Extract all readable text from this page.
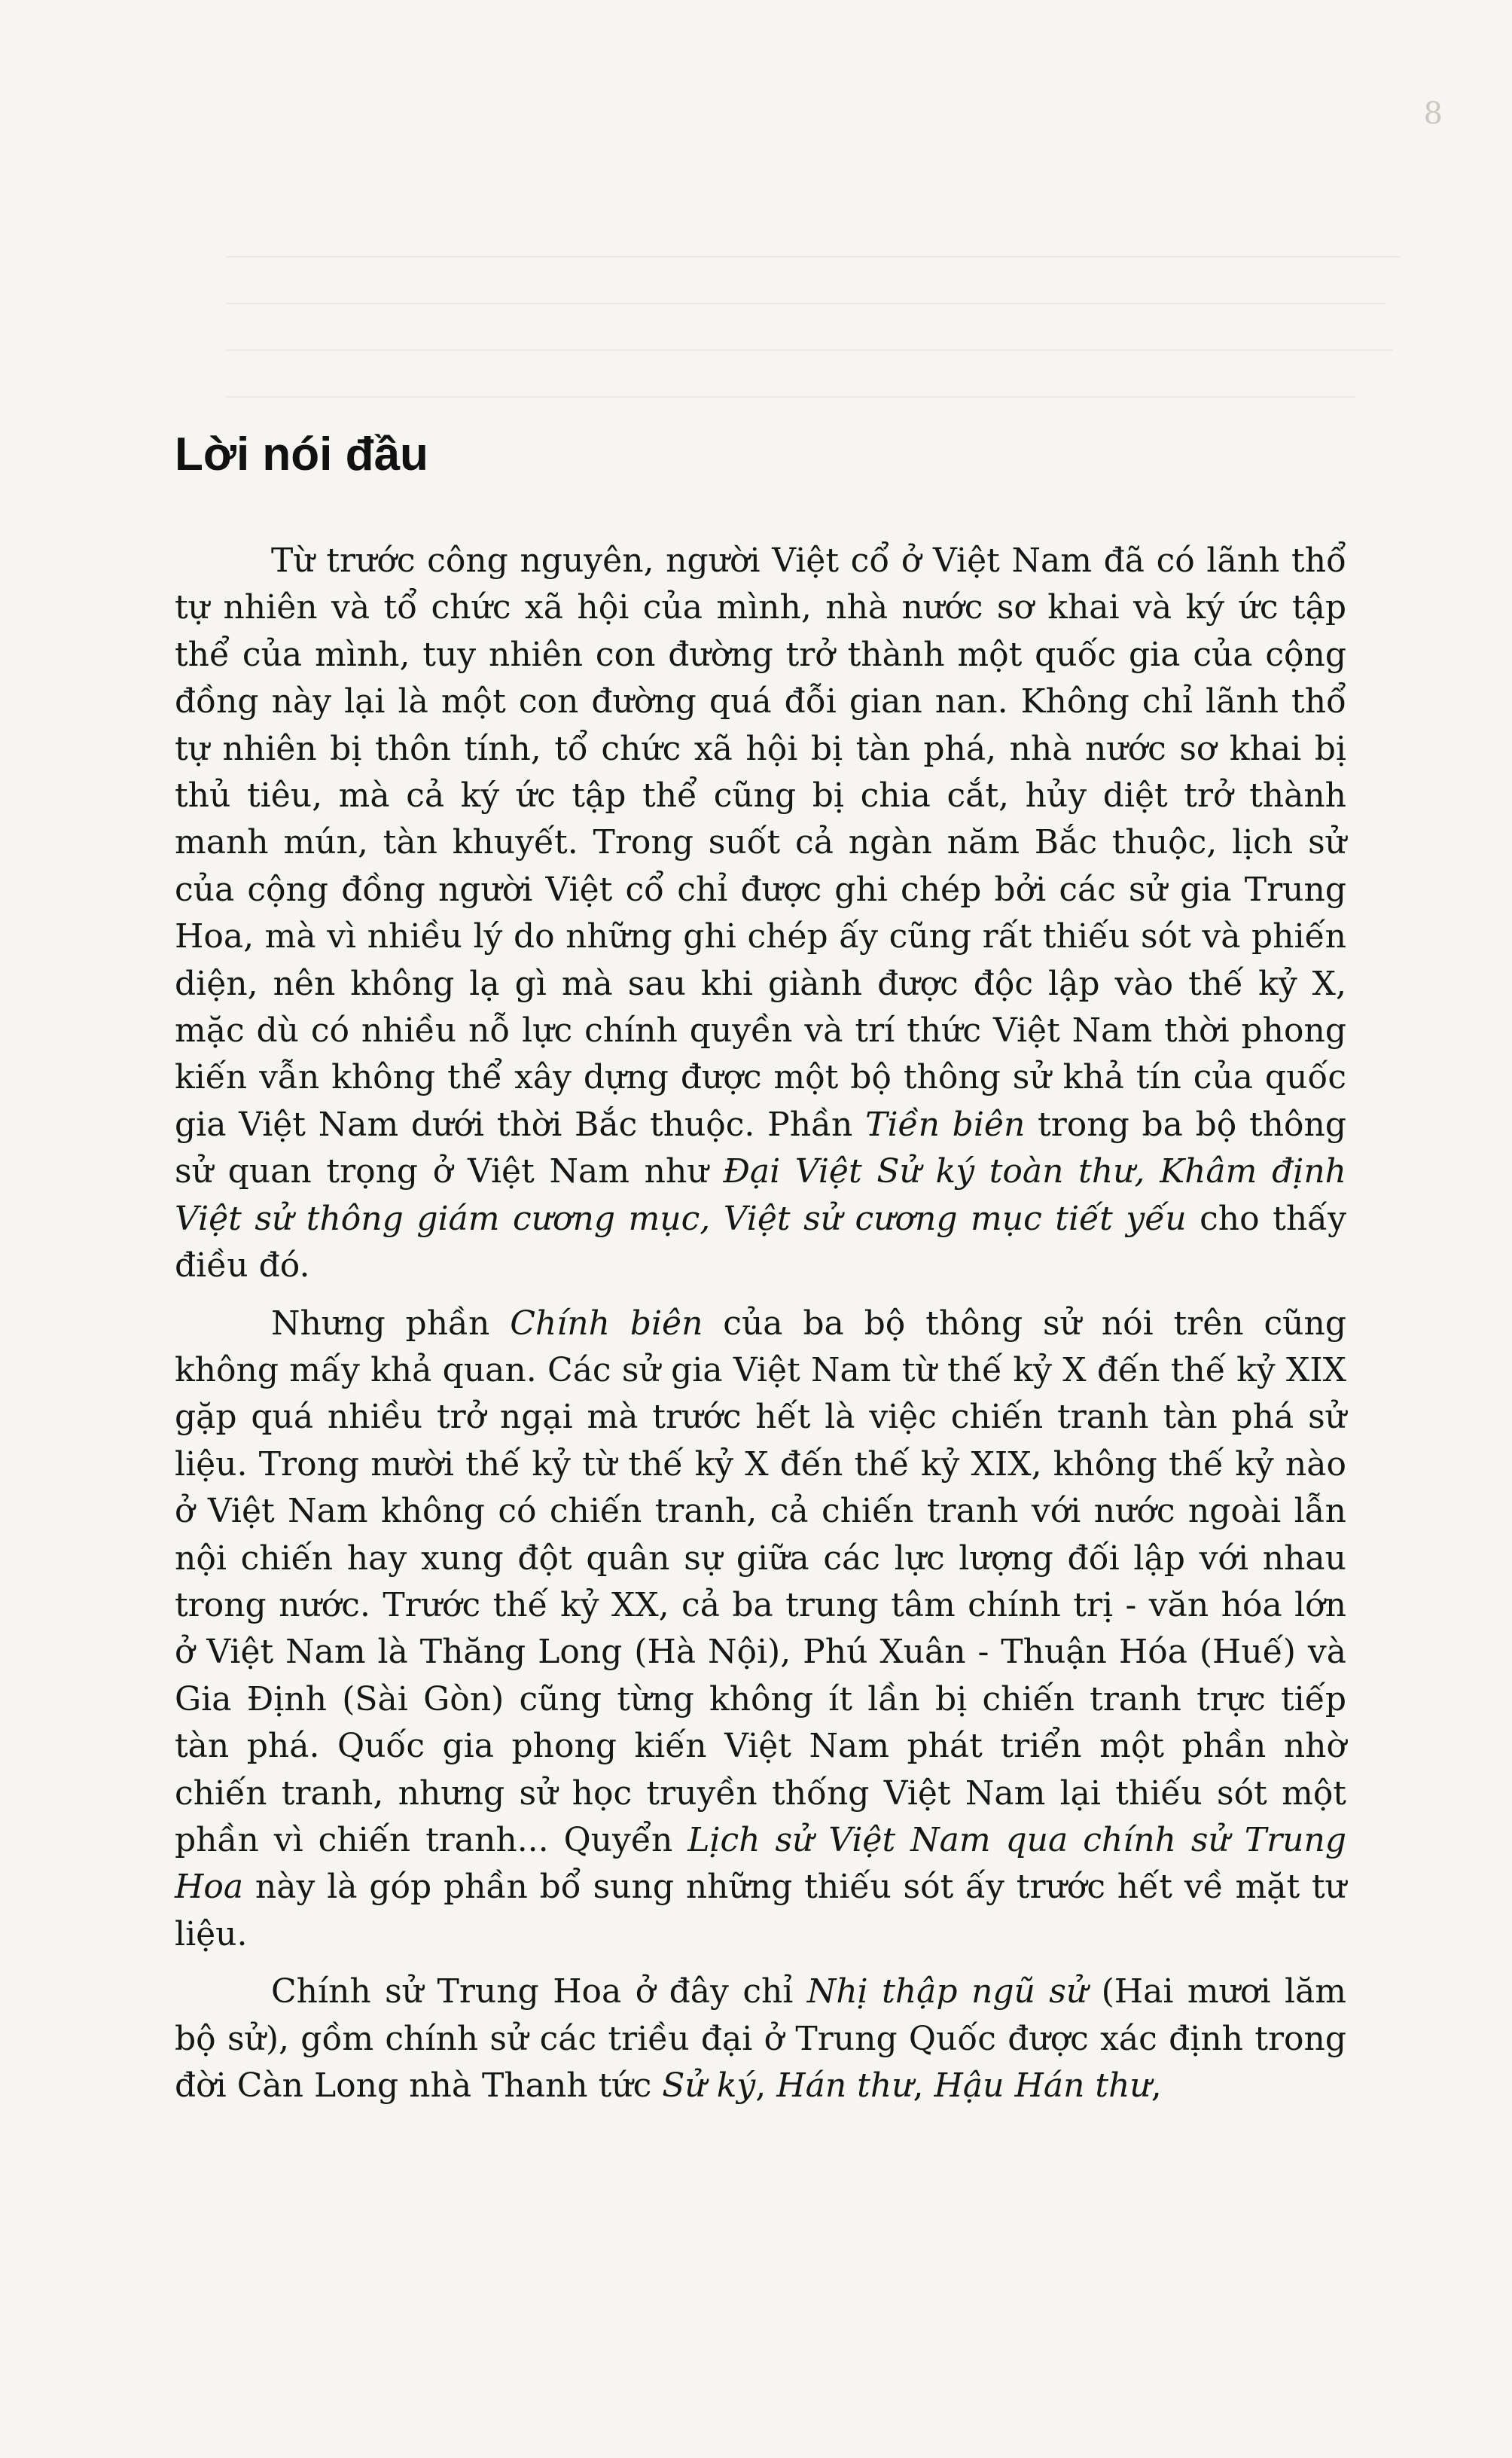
8
Lời nói đầu

Từ trước công nguyên, người Việt cổ ở Việt Nam đã có lãnh thổ tự nhiên và tổ chức xã hội của mình, nhà nước sơ khai và ký ức tập thể của mình, tuy nhiên con đường trở thành một quốc gia của cộng đồng này lại là một con đường quá đỗi gian nan. Không chỉ lãnh thổ tự nhiên bị thôn tính, tổ chức xã hội bị tàn phá, nhà nước sơ khai bị thủ tiêu, mà cả ký ức tập thể cũng bị chia cắt, hủy diệt trở thành manh mún, tàn khuyết. Trong suốt cả ngàn năm Bắc thuộc, lịch sử của cộng đồng người Việt cổ chỉ được ghi chép bởi các sử gia Trung Hoa, mà vì nhiều lý do những ghi chép ấy cũng rất thiếu sót và phiến diện, nên không lạ gì mà sau khi giành được độc lập vào thế kỷ X, mặc dù có nhiều nỗ lực chính quyền và trí thức Việt Nam thời phong kiến vẫn không thể xây dựng được một bộ thông sử khả tín của quốc gia Việt Nam dưới thời Bắc thuộc. Phần Tiền biên trong ba bộ thông sử quan trọng ở Việt Nam như Đại Việt Sử ký toàn thư, Khâm định Việt sử thông giám cương mục, Việt sử cương mục tiết yếu cho thấy điều đó.

Nhưng phần Chính biên của ba bộ thông sử nói trên cũng không mấy khả quan. Các sử gia Việt Nam từ thế kỷ X đến thế kỷ XIX gặp quá nhiều trở ngại mà trước hết là việc chiến tranh tàn phá sử liệu. Trong mười thế kỷ từ thế kỷ X đến thế kỷ XIX, không thế kỷ nào ở Việt Nam không có chiến tranh, cả chiến tranh với nước ngoài lẫn nội chiến hay xung đột quân sự giữa các lực lượng đối lập với nhau trong nước. Trước thế kỷ XX, cả ba trung tâm chính trị - văn hóa lớn ở Việt Nam là Thăng Long (Hà Nội), Phú Xuân - Thuận Hóa (Huế) và Gia Định (Sài Gòn) cũng từng không ít lần bị chiến tranh trực tiếp tàn phá. Quốc gia phong kiến Việt Nam phát triển một phần nhờ chiến tranh, nhưng sử học truyền thống Việt Nam lại thiếu sót một phần vì chiến tranh... Quyển Lịch sử Việt Nam qua chính sử Trung Hoa này là góp phần bổ sung những thiếu sót ấy trước hết về mặt tư liệu.

Chính sử Trung Hoa ở đây chỉ Nhị thập ngũ sử (Hai mươi lăm bộ sử), gồm chính sử các triều đại ở Trung Quốc được xác định trong đời Càn Long nhà Thanh tức Sử ký, Hán thư, Hậu Hán thư,
